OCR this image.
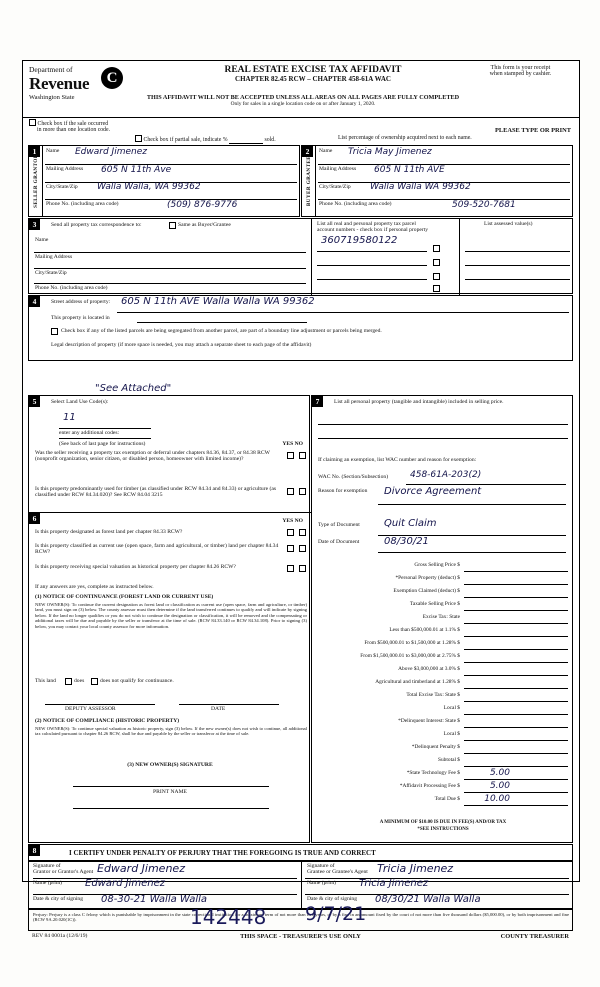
Department of
Revenue
Washington State
C	REAL ESTATE EXCISE TAX AFFIDAVIT
CHAPTER 82.45 RCW – CHAPTER 458-61A WAC
This form is your receipt
when stamped by cashier.
THIS AFFIDAVIT WILL NOT BE ACCEPTED UNLESS ALL AREAS ON ALL PAGES ARE FULLY COMPLETED
Only for sales in a single location code on or after January 1, 2020.
Check box if the sale occurred
in more than one location code.
Check box if partial sale, indicate %	sold.	List percentage of ownership acquired next to each name.
PLEASE TYPE OR PRINT
1
SELLER GRANTOR
Name Edward Jimenez
Mailing Address 605 N 11th Ave
City/State/Zip Walla Walla, WA 99362
Phone No. (including area code)	(509) 876-9776
2
BUYER GRANTEE
Name Tricia May Jimenez
Mailing Address 605 N 11th AVE
City/State/Zip Walla Walla WA 99362
Phone No. (including area code)	509-520-7681
3	Send all property tax correspondence to:	Same as Buyer/Grantee	List all real and personal property tax parcel
account numbers - check box if personal property
List assessed value(s)
Name
Mailing Address
City/State/Zip
Phone No. (including area code)
360719580122
4	Street address of property: 605 N 11th AVE Walla Walla WA 99362
This property is located in
Check box if any of the listed parcels are being segregated from another parcel, are part of a boundary line adjustment or parcels being merged.
Legal description of property (if more space is needed, you may attach a separate sheet to each page of the affidavit)
"See Attached"
5	Select Land Use Code(s):
11
enter any additional codes:
(See back of last page for instructions)	YES NO
Was the seller receiving a property tax exemption or deferral under chapters 84.36, 84.37, or 84.38 RCW (nonprofit organization, senior citizen, or disabled person, homeowner with limited income)?
Is this property predominantly used for timber (as classified under RCW 84.34 and 84.33) or agriculture (as classified under RCW 84.34.020)? See RCW 84.04 3215
6	YES NO
Is this property designated as forest land per chapter 84.33 RCW?
Is this property classified as current use (open space, farm and agricultural, or timber) land per chapter 84.34 RCW?
Is this property receiving special valuation as historical property per chapter 84.26 RCW?
If any answers are yes, complete as instructed below.
(1) NOTICE OF CONTINUANCE (FOREST LAND OR CURRENT USE)
NEW OWNER(S): To continue the current designation as forest land or classification as current use (open space, farm and agriculture, or timber) land, you must sign on (3) below. The county assessor must then determine if the land transferred continues to qualify and will indicate by signing below. If the land no longer qualifies or you do not wish to continue the designation or classification, it will be removed and the compensating or additional taxes will be due and payable by the seller or transferor at the time of sale. (RCW 84.33.140 or RCW 84.34.108). Prior to signing (3) below, you may contact your local county assessor for more information.
This land	does	does not qualify for continuance.
DEPUTY ASSESSOR	DATE
(2) NOTICE OF COMPLIANCE (HISTORIC PROPERTY)
NEW OWNER(S): To continue special valuation as historic property, sign (3) below. If the new owner(s) does not wish to continue, all additional tax calculated pursuant to chapter 84.26 RCW, shall be due and payable by the seller or transferor at the time of sale.
(3) NEW OWNER(S) SIGNATURE
PRINT NAME
7	List all personal property (tangible and intangible) included in selling price.
If claiming an exemption, list WAC number and reason for exemption:
WAC No. (Section/Subsection) 458-61A-203(2)
Reason for exemption Divorce Agreement
Type of Document Quit Claim
Date of Document 08/30/21
Gross Selling Price $
*Personal Property (deduct) $
Exemption Claimed (deduct) $
Taxable Selling Price $
Excise Tax: State
Less than $500,000.01 at 1.1% $
From $500,000.01 to $1,500,000 at 1.28% $
From $1,500,000.01 to $3,000,000 at 2.75% $
Above $3,000,000 at 3.0% $
Agricultural and timberland at 1.28% $
Total Excise Tax: State $
Local $
*Delinquent Interest: State $
Local $
*Delinquent Penalty $
Subtotal $
*State Technology Fee $	5.00
*Affidavit Processing Fee $	5.00
Total Due $	10.00
A MINIMUM OF $10.00 IS DUE IN FEE(S) AND/OR TAX
*SEE INSTRUCTIONS
8	I CERTIFY UNDER PENALTY OF PERJURY THAT THE FOREGOING IS TRUE AND CORRECT
Signature of
Grantor or Grantor's Agent Edward Jimenez
Name (print) Edward Jimenez
Date & city of signing 08-30-21 Walla Walla
Signature of
Grantee or Grantee's Agent Tricia Jimenez
Name (print) Tricia Jimenez
Date & city of signing 08/30/21 Walla Walla
Perjury: Perjury is a class C felony which is punishable by imprisonment in the state correctional institution for a maximum term of not more than five years, or by a fine in an amount fixed by the court of not more than five thousand dollars ($5,000.00), or by both imprisonment and fine (RCW 9A.20.020(1C)).
REV 84 0001a (12/6/19)	THIS SPACE - TREASURER'S USE ONLY	COUNTY TREASURER
142448 9/7/21
